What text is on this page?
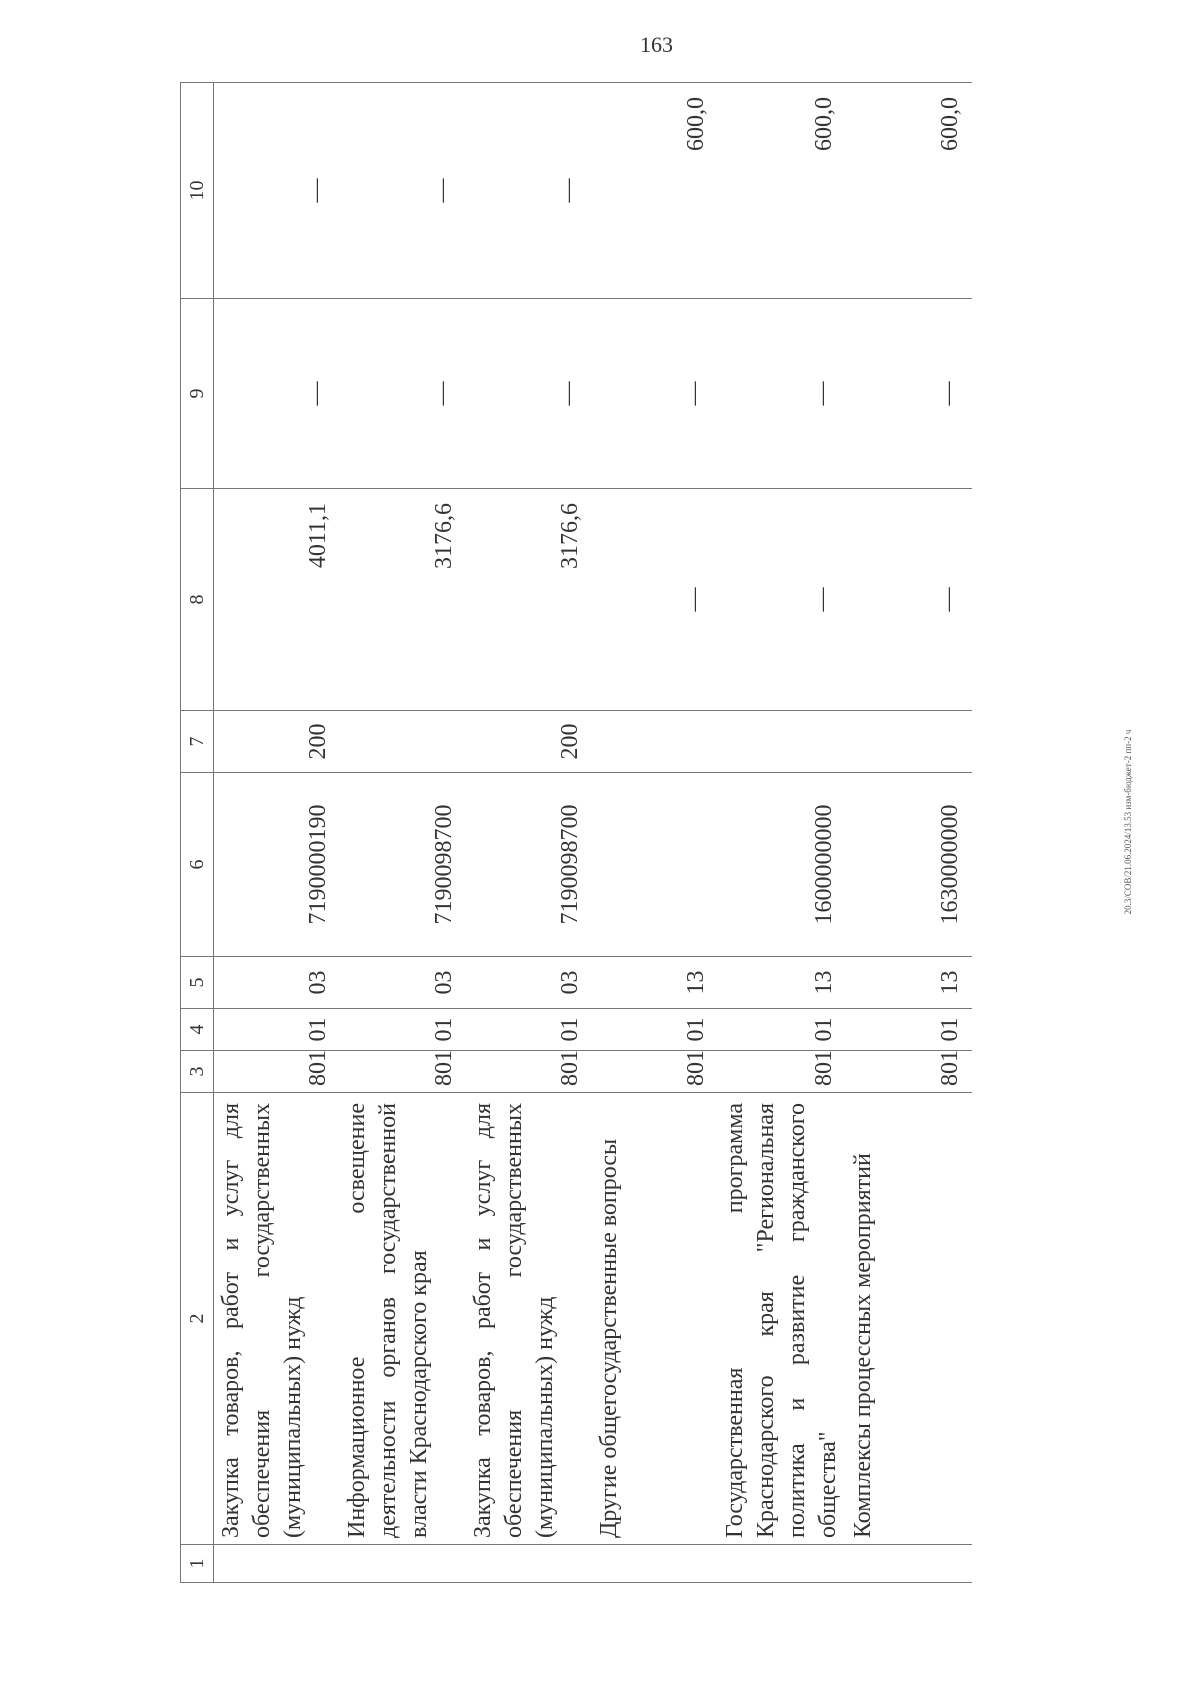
163
20.3/СОВ/21.06.2024/13.53 изм-бюджет-2 пп-2 ч
1	2	3	4	5	6	7	8	9	10
	Закупка товаров, работ и услуг для обеспечения государственных (муниципальных) нужд	801	01	03	7190000190	200	4011,1	—	—
	Информационное освещение деятельности органов государственной власти Краснодарского края	801	01	03	7190098700		3176,6	—	—
	Закупка товаров, работ и услуг для обеспечения государственных (муниципальных) нужд	801	01	03	7190098700	200	3176,6	—	—
	Другие общегосударственные вопросы	801	01	13			—	—	600,0
	Государственная программа Краснодарского края "Региональная политика и развитие гражданского общества"	801	01	13	1600000000		—	—	600,0
	Комплексы процессных мероприятий	801	01	13	1630000000		—	—	600,0
